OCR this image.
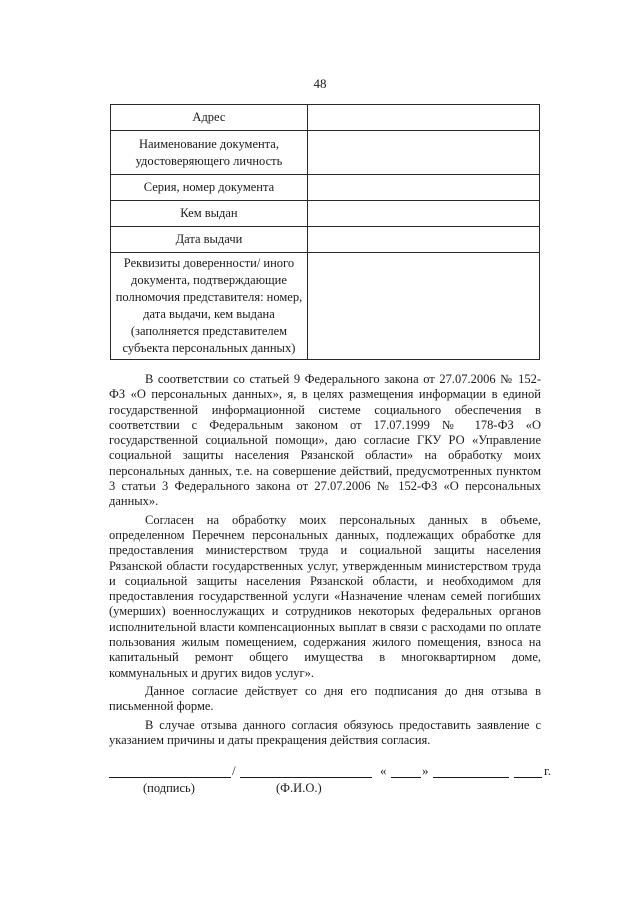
48
Адрес	
Наименование документа, удостоверяющего личность	
Серия, номер документа	
Кем выдан	
Дата выдачи	
Реквизиты доверенности/ иного документа, подтверждающие полномочия представителя: номер, дата выдачи, кем выдана (заполняется представителем субъекта персональных данных)	

В соответствии со статьей 9 Федерального закона от 27.07.2006 № 152-ФЗ «О персональных данных», я, в целях размещения информации в единой государственной информационной системе социального обеспечения в соответствии с Федеральным законом от 17.07.1999 № 178-ФЗ «О государственной социальной помощи», даю согласие ГКУ РО «Управление социальной защиты населения Рязанской области» на обработку моих персональных данных, т.е. на совершение действий, предусмотренных пунктом 3 статьи 3 Федерального закона от 27.07.2006 № 152-ФЗ «О персональных данных».

Согласен на обработку моих персональных данных в объеме, определенном Перечнем персональных данных, подлежащих обработке для предоставления министерством труда и социальной защиты населения Рязанской области государственных услуг, утвержденным министерством труда и социальной защиты населения Рязанской области, и необходимом для предоставления государственной услуги «Назначение членам семей погибших (умерших) военнослужащих и сотрудников некоторых федеральных органов исполнительной власти компенсационных выплат в связи с расходами по оплате пользования жилым помещением, содержания жилого помещения, взноса на капитальный ремонт общего имущества в многоквартирном доме, коммунальных и других видов услуг».

Данное согласие действует со дня его подписания до дня отзыва в письменной форме.

В случае отзыва данного согласия обязуюсь предоставить заявление с указанием причины и даты прекращения действия согласия.

/	«	»	г.
(подпись)	(Ф.И.О.)
